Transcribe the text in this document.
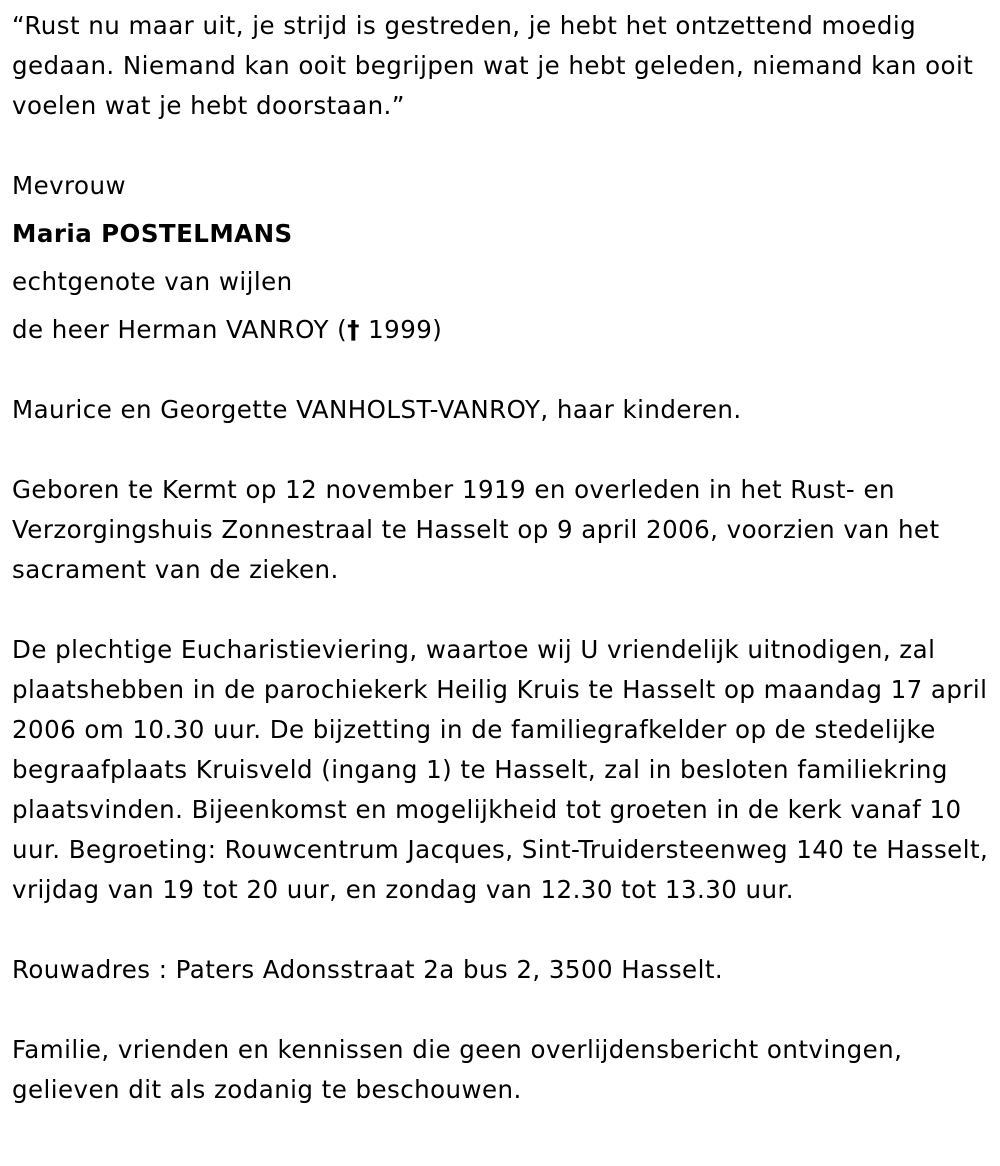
“Rust nu maar uit, je strijd is gestreden, je hebt het ontzettend moedig gedaan. Niemand kan ooit begrijpen wat je hebt geleden, niemand kan ooit voelen wat je hebt doorstaan.”

Mevrouw
Maria POSTELMANS
echtgenote van wijlen
de heer Herman VANROY († 1999)

Maurice en Georgette VANHOLST-VANROY, haar kinderen.

Geboren te Kermt op 12 november 1919 en overleden in het Rust- en Verzorgingshuis Zonnestraal te Hasselt op 9 april 2006, voorzien van het sacrament van de zieken.

De plechtige Eucharistieviering, waartoe wij U vriendelijk uitnodigen, zal plaatshebben in de parochiekerk Heilig Kruis te Hasselt op maandag 17 april 2006 om 10.30 uur. De bijzetting in de familiegrafkelder op de stedelijke begraafplaats Kruisveld (ingang 1) te Hasselt, zal in besloten familiekring plaatsvinden. Bijeenkomst en mogelijkheid tot groeten in de kerk vanaf 10 uur. Begroeting: Rouwcentrum Jacques, Sint-Truidersteenweg 140 te Hasselt, vrijdag van 19 tot 20 uur, en zondag van 12.30 tot 13.30 uur.

Rouwadres : Paters Adonsstraat 2a bus 2, 3500 Hasselt.

Familie, vrienden en kennissen die geen overlijdensbericht ontvingen, gelieven dit als zodanig te beschouwen.
